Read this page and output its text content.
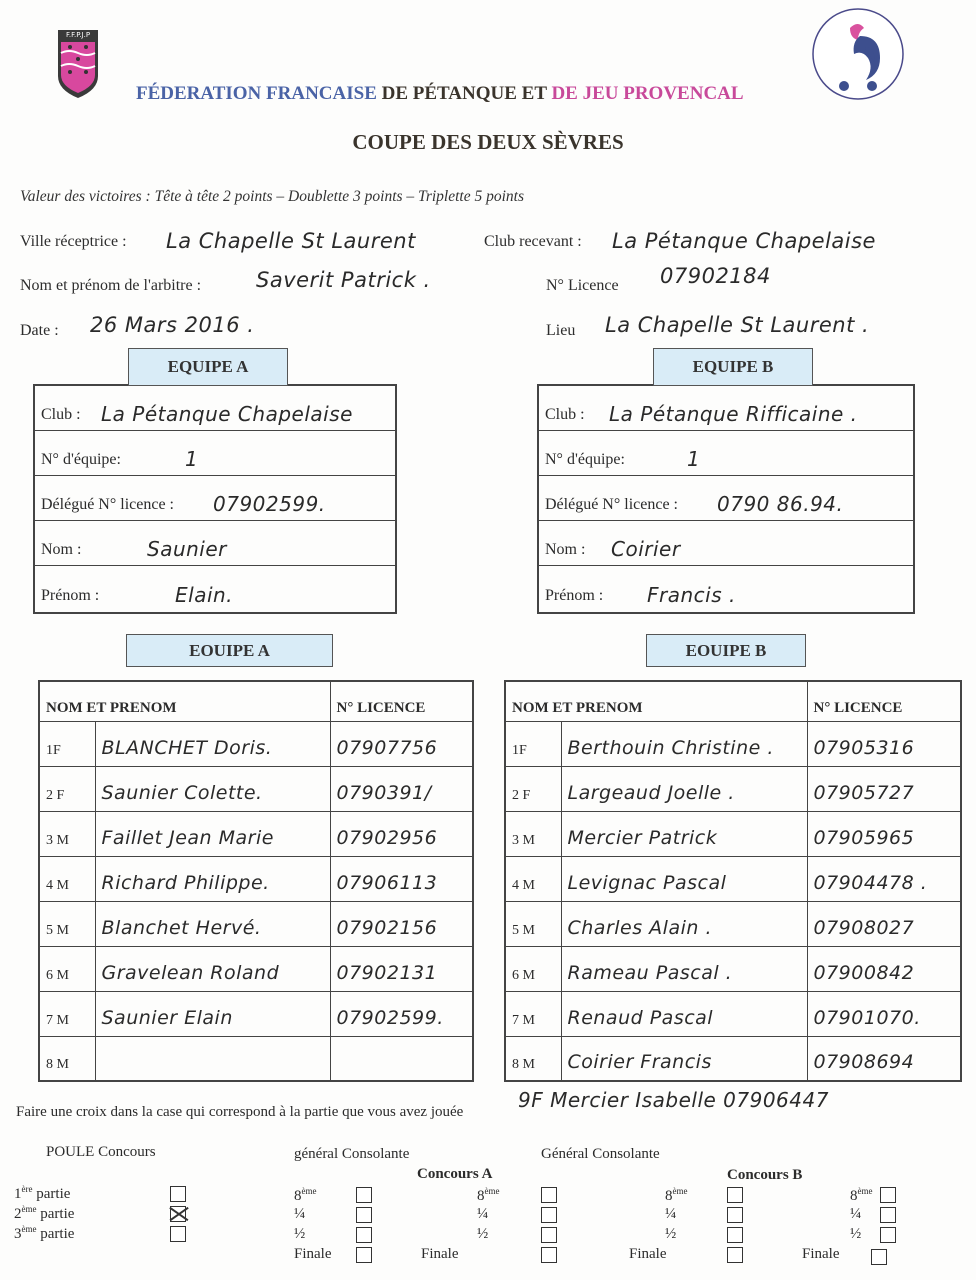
F.F.P.J.P
FÉDERATION FRANCAISE DE PÉTANQUE ET DE JEU PROVENCAL
COUPE DES DEUX SÈVRES
Valeur des victoires : Tête à tête 2 points – Doublette 3 points – Triplette 5 points
Ville réceptrice : La Chapelle St Laurent	Club recevant : La Pétanque Chapelaise
Nom et prénom de l'arbitre :	Saverit Patrick .	N° Licence 07902184
Date : 26 Mars 2016 .	Lieu La Chapelle St Laurent .
Club : La Pétanque Chapelaise
N° d'équipe:	1
Délégué N° licence : 07902599.
Nom :	Saunier
Prénom :	Elain.
EQUIPE A
Club : La Pétanque Rifficaine .
N° d'équipe:	1
Délégué N° licence : 0790 86.94.
Nom : Coirier
Prénom : Francis .
EQUIPE B
EOUIPE A
NOM ET PRENOM		N° LICENCE
1F	BLANCHET Doris.	07907756
2 F	Saunier Colette.	0790391/
3 M	Faillet Jean Marie	07902956
4 M	Richard Philippe.	07906113
5 M	Blanchet Hervé.	07902156
6 M	Gravelean Roland	07902131
7 M	Saunier Elain	07902599.
8 M		
EOUIPE B
NOM ET PRENOM		N° LICENCE
1F	Berthouin Christine .	07905316
2 F	Largeaud Joelle .	07905727
3 M	Mercier Patrick	07905965
4 M	Levignac Pascal	07904478 .
5 M	Charles Alain .	07908027
6 M	Rameau Pascal .	07900842
7 M	Renaud Pascal	07901070.
8 M	Coirier Francis	07908694
Faire une croix dans la case qui correspond à la partie que vous avez jouée	9F Mercier Isabelle 07906447
POULE Concours	général Consolante	Général Consolante
Concours A	Concours B
1ère partie
2ème partie
3ème partie
8ème
¼
½
Finale
8ème
¼
½
Finale
8ème
¼
½
Finale
8ème
¼
½
Finale
